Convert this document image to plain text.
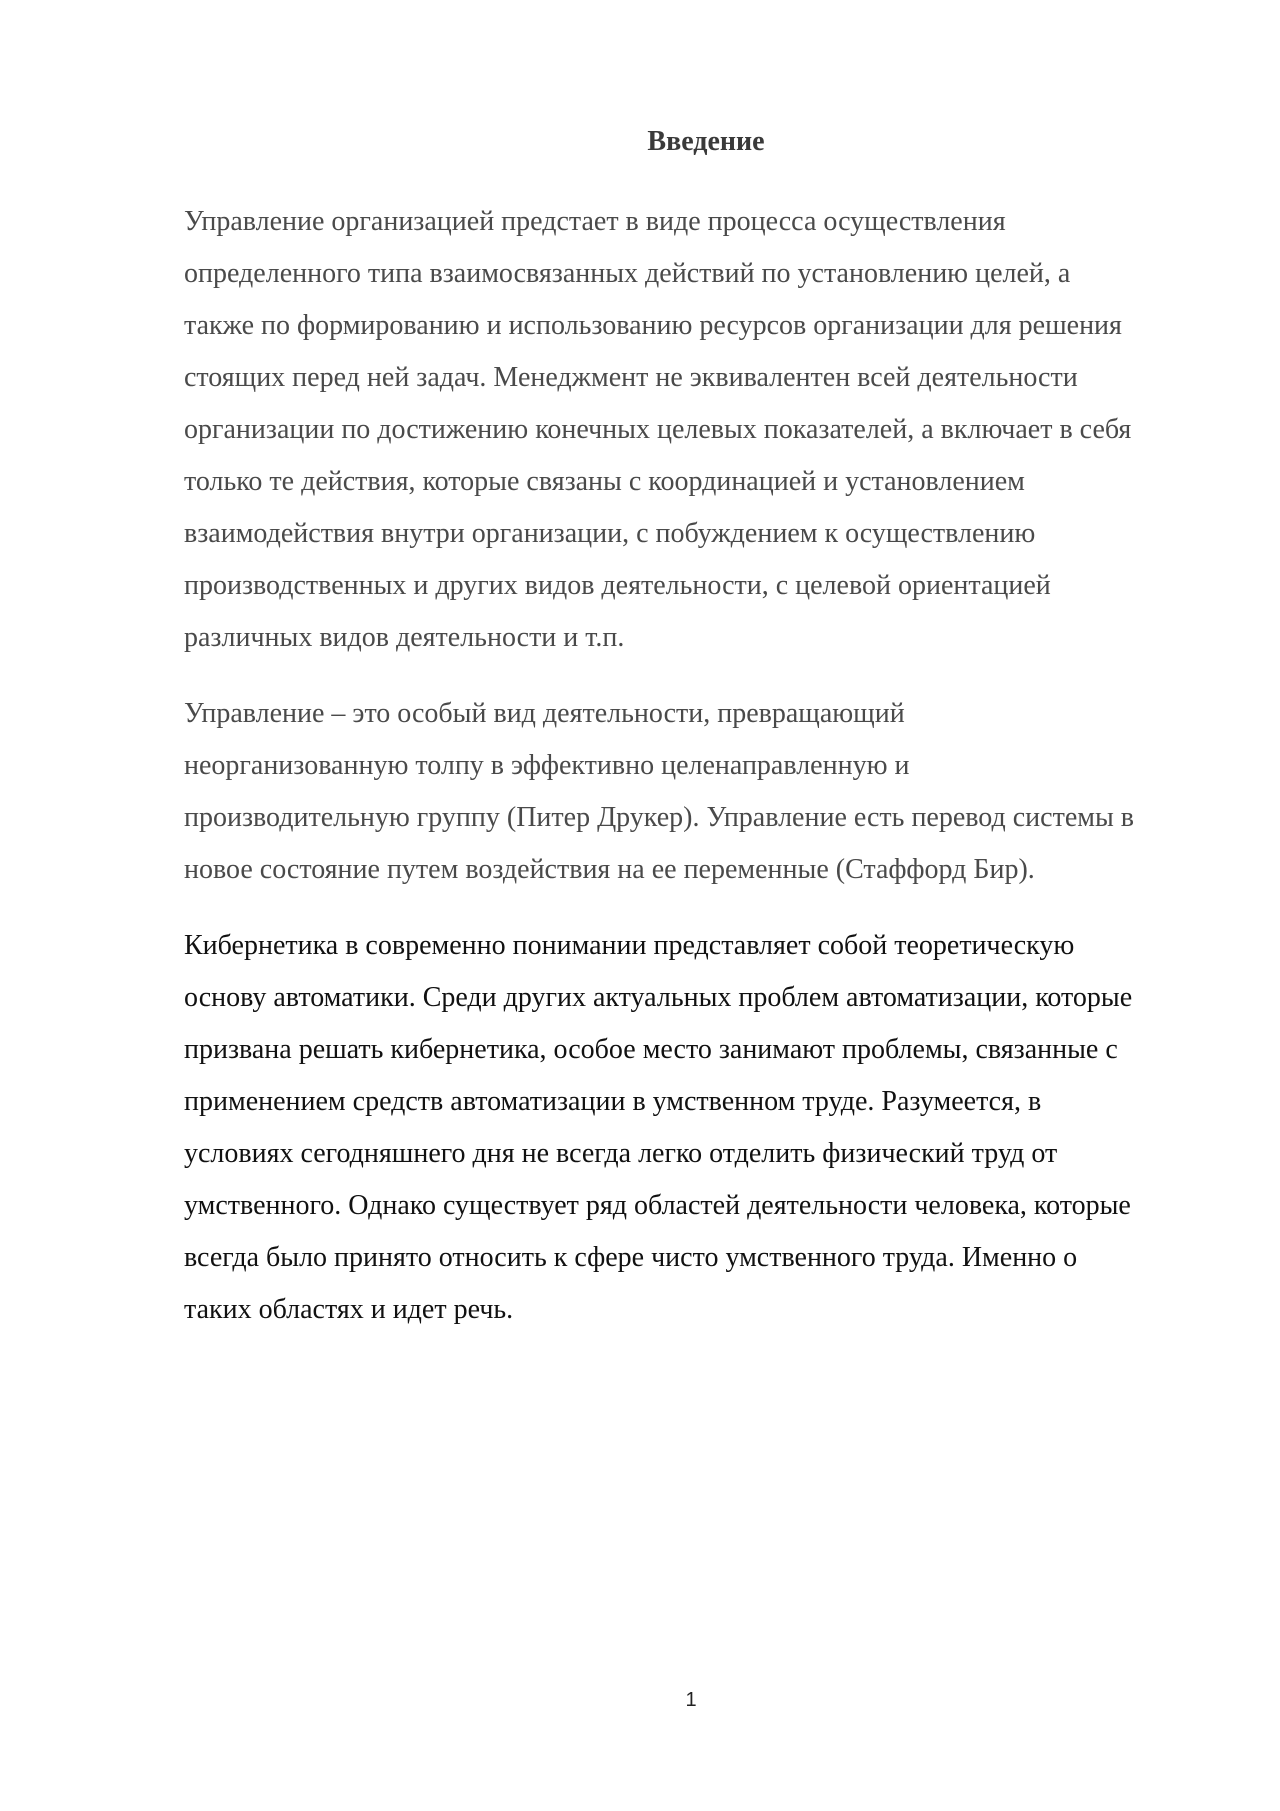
Введение

Управление организацией предстает в виде процесса осуществления определенного типа взаимосвязанных действий по установлению целей, а также по формированию и использованию ресурсов организации для решения стоящих перед ней задач. Менеджмент не эквивалентен всей деятельности организации по достижению конечных целевых показателей, а включает в себя только те действия, которые связаны с координацией и установлением взаимодействия внутри организации, с побуждением к осуществлению производственных и других видов деятельности, с целевой ориентацией различных видов деятельности и т.п.

Управление – это особый вид деятельности, превращающий неорганизованную толпу в эффективно целенаправленную и производительную группу (Питер Друкер). Управление есть перевод системы в новое состояние путем воздействия на ее переменные (Стаффорд Бир).

Кибернетика в современно понимании представляет собой теоретическую основу автоматики. Среди других актуальных проблем автоматизации, которые призвана решать кибернетика, особое место занимают проблемы, связанные с применением средств автоматизации в умственном труде. Разумеется, в условиях сегодняшнего дня не всегда легко отделить физический труд от умственного. Однако существует ряд областей деятельности человека, которые всегда было принято относить к сфере чисто умственного труда. Именно о таких областях и идет речь.

1
